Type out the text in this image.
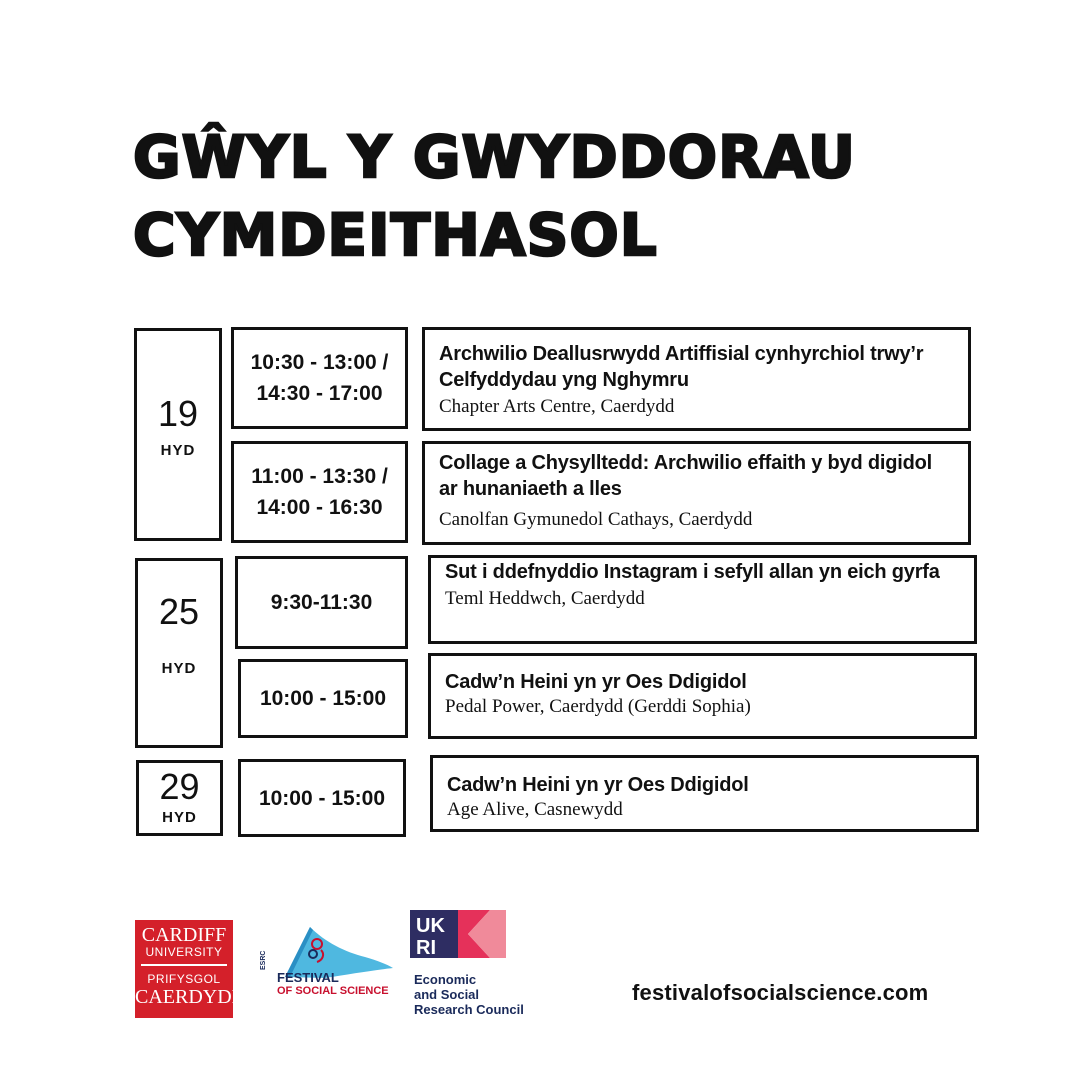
GŴYL Y GWYDDORAU
CYMDEITHASOL
19
HYD
25
HYD
29
HYD
10:30 - 13:00 /
14:30 - 17:00
11:00 - 13:30 /
14:00 - 16:30
9:30-11:30
10:00 - 15:00
10:00 - 15:00
Archwilio Deallusrwydd Artiffisial cynhyrchiol trwy’r Celfyddydau yng Nghymru
Chapter Arts Centre, Caerdydd
Collage a Chysylltedd: Archwilio effaith y byd digidol ar hunaniaeth a lles
Canolfan Gymunedol Cathays, Caerdydd
Sut i ddefnyddio Instagram i sefyll allan yn eich gyrfa
Teml Heddwch, Caerdydd
Cadw’n Heini yn yr Oes Ddigidol
Pedal Power, Caerdydd (Gerddi Sophia)
Cadw’n Heini yn yr Oes Ddigidol
Age Alive, Casnewydd
CARDIFF
UNIVERSITY
PRIFYSGOL
CAERDYDD
ESRC
FESTIVAL
OF SOCIAL SCIENCE
UK
RI
Economic
and Social
Research Council
festivalofsocialscience.com
